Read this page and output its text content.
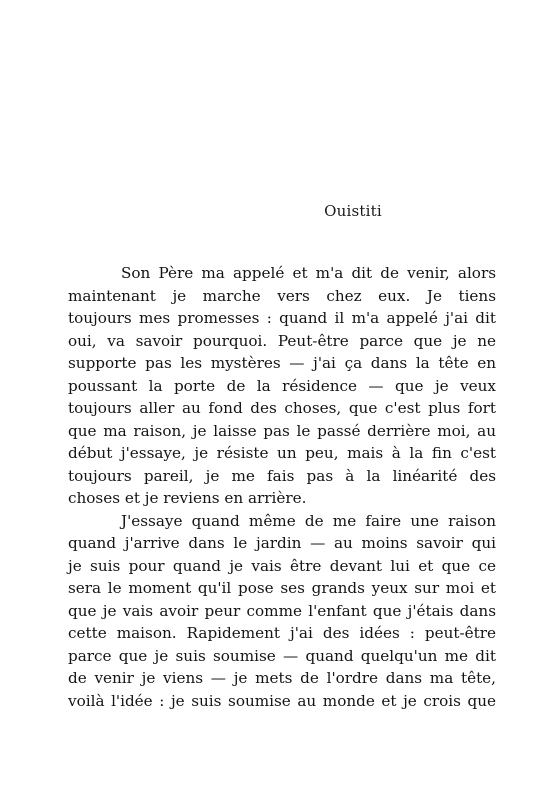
Ouistiti
Son Père ma appelé et m'a dit de venir, alors
maintenant je marche vers chez eux. Je tiens
toujours mes promesses : quand il m'a appelé j'ai dit
oui, va savoir pourquoi. Peut-être parce que je ne
supporte pas les mystères — j'ai ça dans la tête en
poussant la porte de la résidence — que je veux
toujours aller au fond des choses, que c'est plus fort
que ma raison, je laisse pas le passé derrière moi, au
début j'essaye, je résiste un peu, mais à la fin c'est
toujours pareil, je me fais pas à la linéarité des
choses et je reviens en arrière.
J'essaye quand même de me faire une raison
quand j'arrive dans le jardin — au moins savoir qui
je suis pour quand je vais être devant lui et que ce
sera le moment qu'il pose ses grands yeux sur moi et
que je vais avoir peur comme l'enfant que j'étais dans
cette maison. Rapidement j'ai des idées : peut-être
parce que je suis soumise — quand quelqu'un me dit
de venir je viens — je mets de l'ordre dans ma tête,
voilà l'idée : je suis soumise au monde et je crois que
